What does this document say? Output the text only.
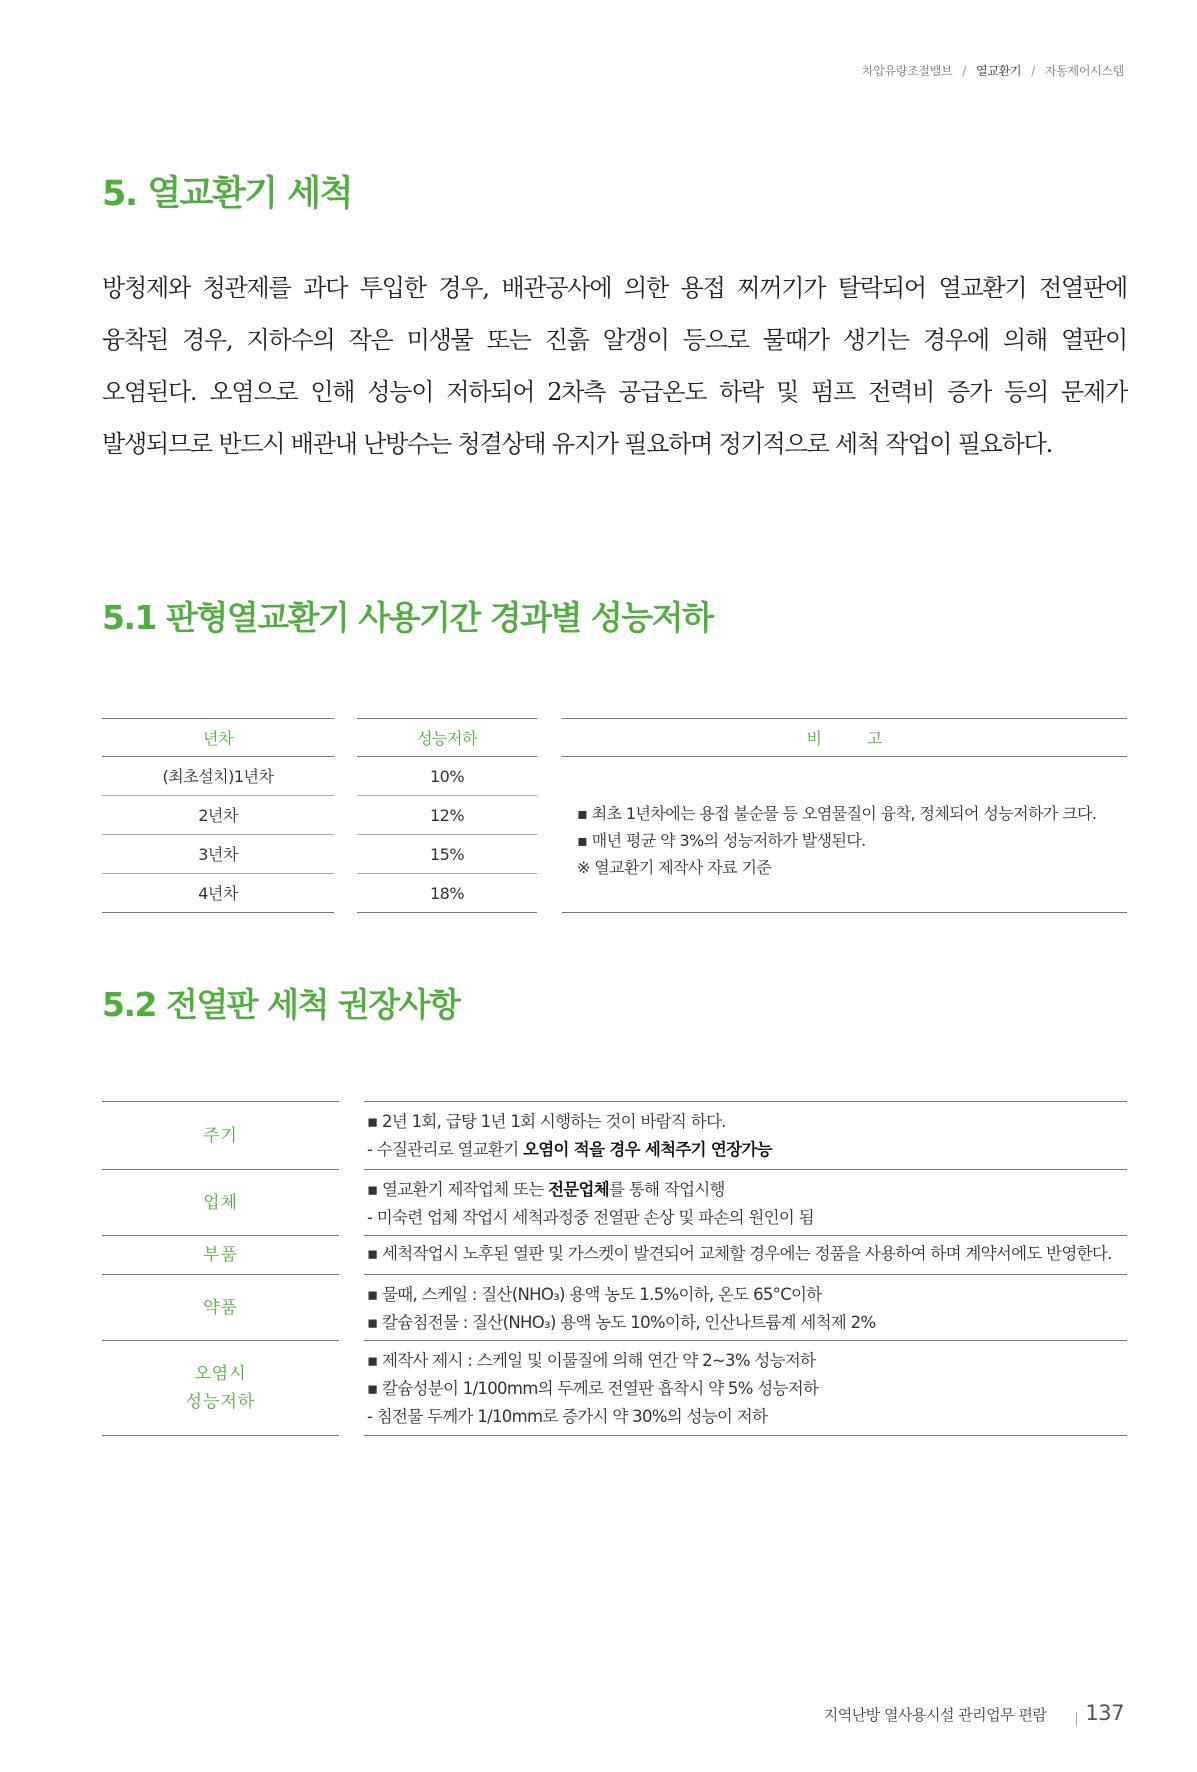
차압유량조절밸브 / 열교환기 / 자동제어시스템
5. 열교환기 세척

방청제와 청관제를 과다 투입한 경우, 배관공사에 의한 용접 찌꺼기가 탈락되어 열교환기 전열판에 융착된 경우, 지하수의 작은 미생물 또는 진흙 알갱이 등으로 물때가 생기는 경우에 의해 열판이 오염된다. 오염으로 인해 성능이 저하되어 2차측 공급온도 하락 및 펌프 전력비 증가 등의 문제가 발생되므로 반드시 배관내 난방수는 청결상태 유지가 필요하며 정기적으로 세척 작업이 필요하다.

5.1 판형열교환기 사용기간 경과별 성능저하
년차
(최초설치)1년차
2년차
3년차
4년차
성능저하
10%
12%
15%
18%
비 고
▪ 최초 1년차에는 용접 불순물 등 오염물질이 융착, 정체되어 성능저하가 크다.
▪ 매년 평균 약 3%의 성능저하가 발생된다.
※ 열교환기 제작사 자료 기준
5.2 전열판 세척 권장사항
주기
▪ 2년 1회, 급탕 1년 1회 시행하는 것이 바람직 하다.
- 수질관리로 열교환기 오염이 적을 경우 세척주기 연장가능
업체
▪ 열교환기 제작업체 또는 전문업체를 통해 작업시행
- 미숙련 업체 작업시 세척과정중 전열판 손상 및 파손의 원인이 됨
부품	▪ 세척작업시 노후된 열판 및 가스켓이 발견되어 교체할 경우에는 정품을 사용하여 하며 계약서에도 반영한다.
약품
▪ 물때, 스케일 : 질산(NHO₃) 용액 농도 1.5%이하, 온도 65°C이하
▪ 칼슘침전물 : 질산(NHO₃) 용액 농도 10%이하, 인산나트륨계 세척제 2%
오염시
성능저하
▪ 제작사 제시 : 스케일 및 이물질에 의해 연간 약 2~3% 성능저하
▪ 칼슘성분이 1/100mm의 두께로 전열판 흡착시 약 5% 성능저하
- 침전물 두께가 1/10mm로 증가시 약 30%의 성능이 저하
지역난방 열사용시설 관리업무 편람 137
